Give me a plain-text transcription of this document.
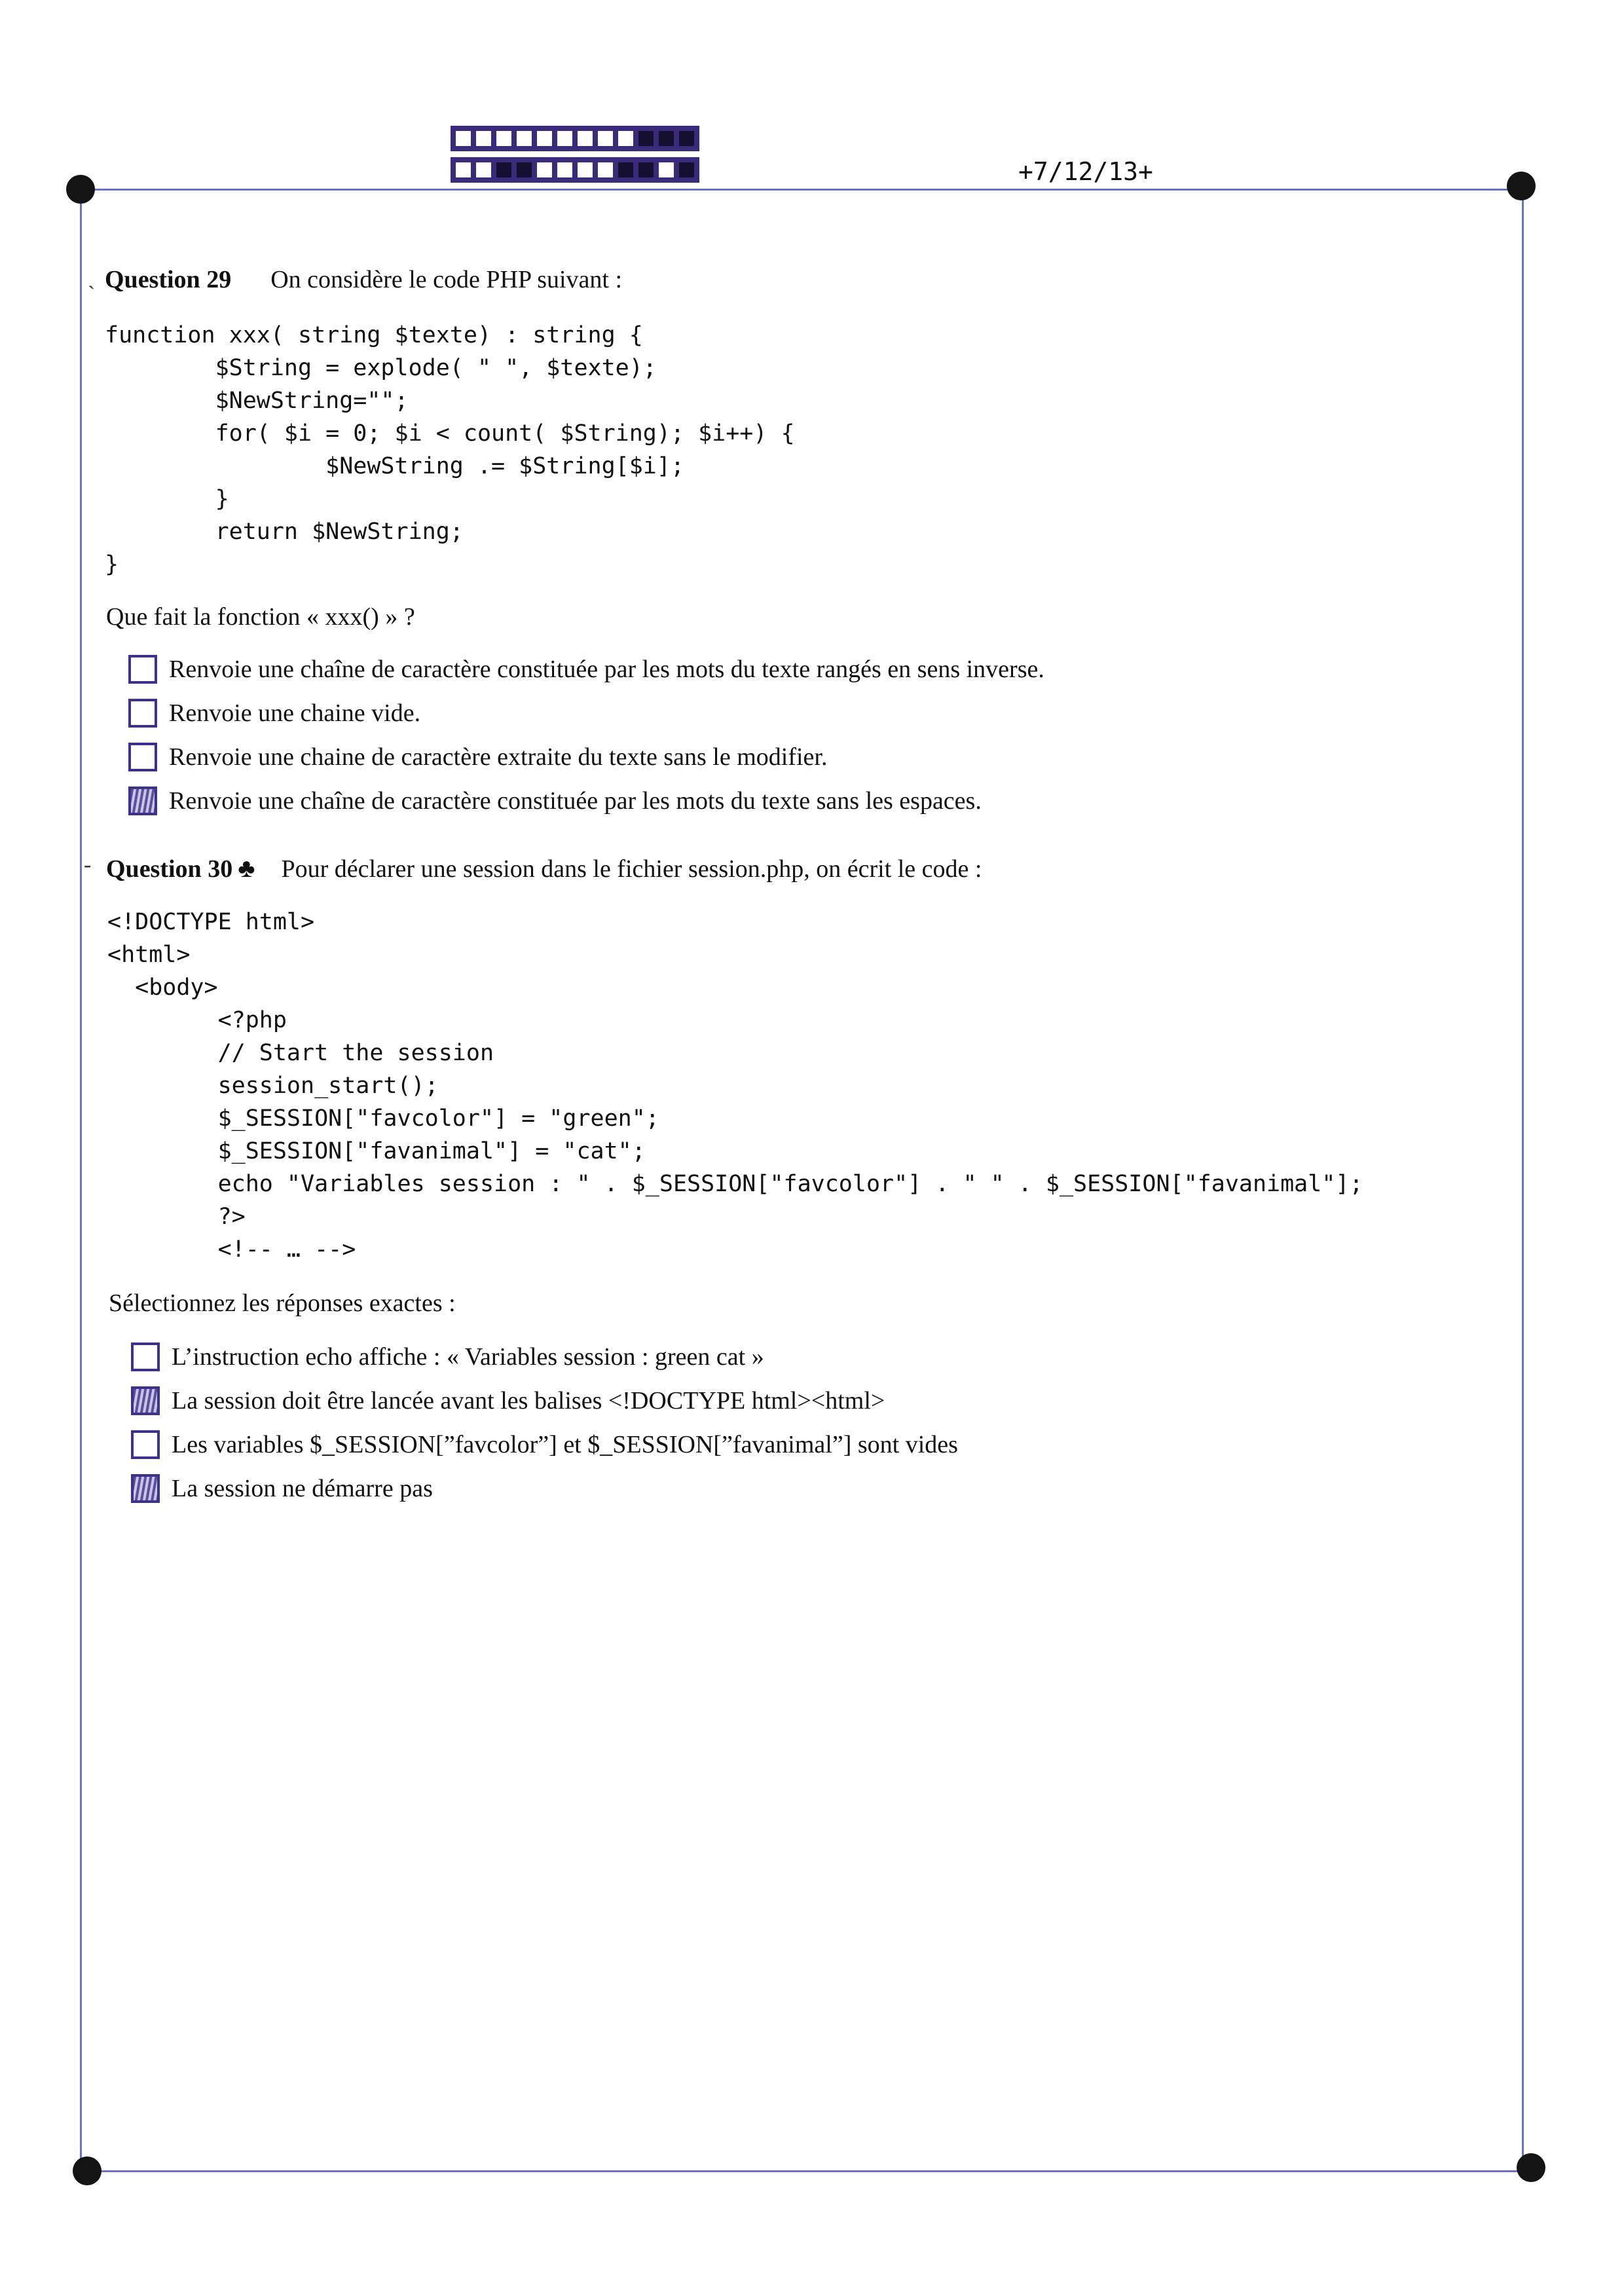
+7/12/13+
ˎ Question 29 On considère le code PHP suivant :
function xxx( string $texte) : string {
$String = explode( " ", $texte);
$NewString="";
for( $i = 0; $i < count( $String); $i++) {
$NewString .= $String[$i];
}
return $NewString;
}
Que fait la fonction « xxx() » ?
Renvoie une chaîne de caractère constituée par les mots du texte rangés en sens inverse.
Renvoie une chaine vide.
Renvoie une chaine de caractère extraite du texte sans le modifier.
Renvoie une chaîne de caractère constituée par les mots du texte sans les espaces.
- Question 30 ♣ Pour déclarer une session dans le fichier session.php, on écrit le code :
<!DOCTYPE html>
<html>
<body>
<?php
// Start the session
session_start();
$_SESSION["favcolor"] = "green";
$_SESSION["favanimal"] = "cat";
echo "Variables session : " . $_SESSION["favcolor"] . " " . $_SESSION["favanimal"];
?>
<!-- … -->
Sélectionnez les réponses exactes :
L’instruction echo affiche : « Variables session : green cat »
La session doit être lancée avant les balises <!DOCTYPE html><html>
Les variables $_SESSION[”favcolor”] et $_SESSION[”favanimal”] sont vides
La session ne démarre pas
